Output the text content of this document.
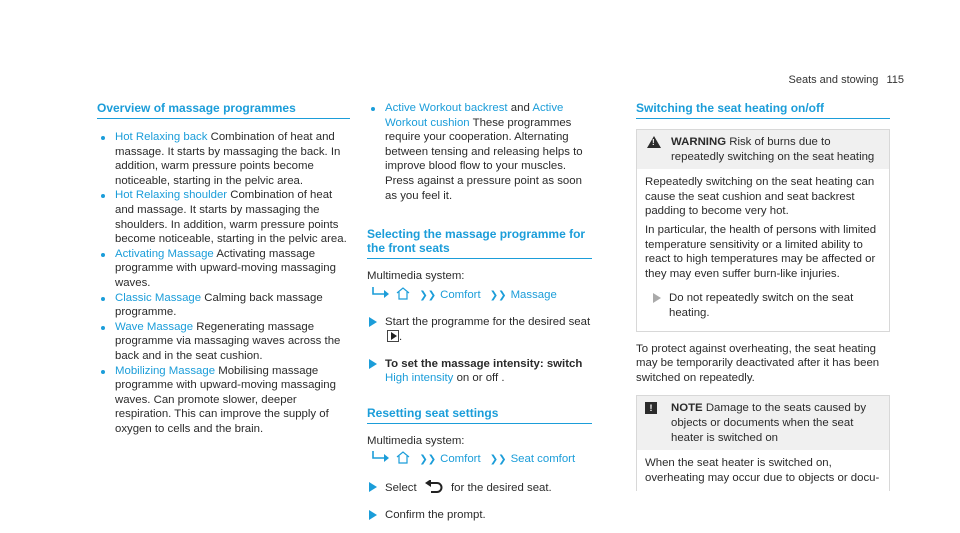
Seats and stowing 115
Overview of massage programmes
Hot Relaxing back Combination of heat and massage. It starts by massaging the back. In addition, warm pressure points become noticeable, starting in the pelvic area.
Hot Relaxing shoulder Combination of heat and massage. It starts by massaging the shoulders. In addition, warm pressure points become noticeable, starting in the pelvic area.
Activating Massage Activating massage programme with upward-moving massaging waves.
Classic Massage Calming back massage programme.
Wave Massage Regenerating massage programme via massaging waves across the back and in the seat cushion.
Mobilizing Massage Mobilising massage programme with upward-moving massaging waves. Can promote slower, deeper respiration. This can improve the supply of oxygen to cells and the brain.
Active Workout backrest and Active Workout cushion These programmes require your cooperation. Alternating between tensing and releasing helps to improve blood flow to your muscles. Press against a pressure point as soon as you feel it.
Selecting the massage programme for the front seats
Multimedia system:
❯❯ Comfort ❯❯ Massage
Start the programme for the desired seat .
To set the massage intensity: switch High intensity on or off .
Resetting seat settings
Multimedia system:
❯❯ Comfort ❯❯ Seat comfort
Select	for the desired seat.
Confirm the prompt.
Switching the seat heating on/off
!
WARNING Risk of burns due to repeatedly switching on the seat heating
Repeatedly switching on the seat heating can cause the seat cushion and seat backrest padding to become very hot.
In particular, the health of persons with limited temperature sensitivity or a limited ability to react to high temperatures may be affected or they may even suffer burn-like injuries.
Do not repeatedly switch on the seat heating.
To protect against overheating, the seat heating may be temporarily deactivated after it has been switched on repeatedly.
!	NOTE Damage to the seats caused by objects or documents when the seat heater is switched on
When the seat heater is switched on, overheating may occur due to objects or docu-
